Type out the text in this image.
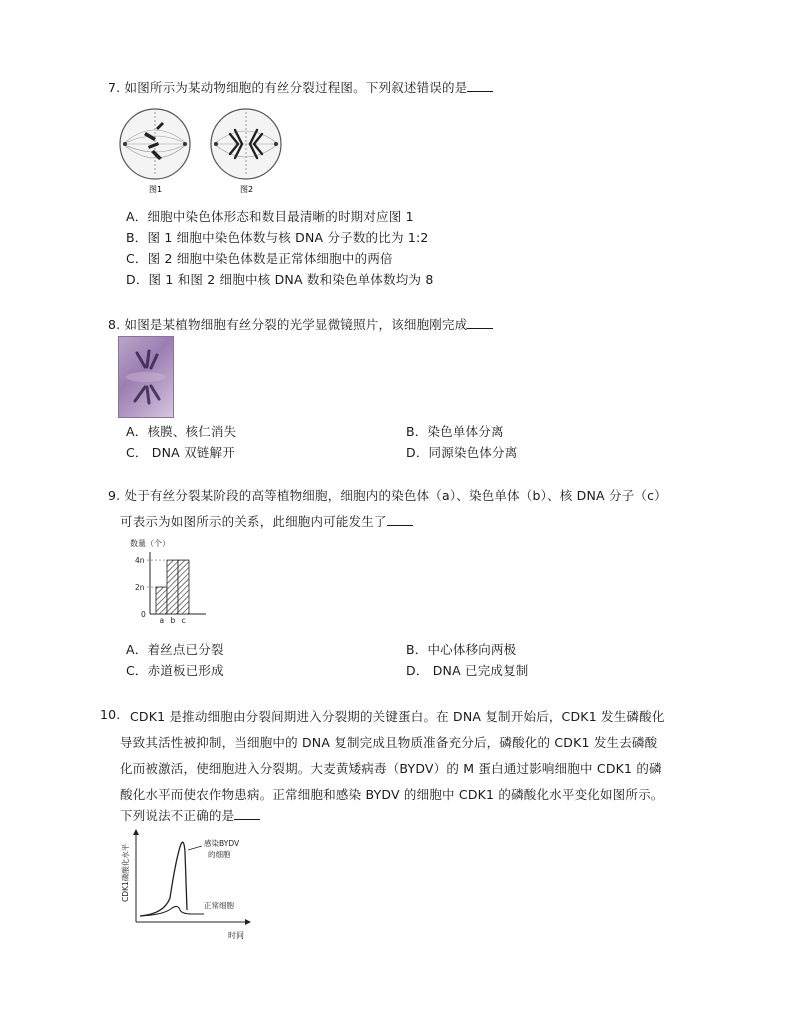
7. 如图所示为某动物细胞的有丝分裂过程图。下列叙述错误的是
图1	图2
A．细胞中染色体形态和数目最清晰的时期对应图 1
B．图 1 细胞中染色体数与核 DNA 分子数的比为 1:2
C．图 2 细胞中染色体数是正常体细胞中的两倍
D．图 1 和图 2 细胞中核 DNA 数和染色单体数均为 8
8. 如图是某植物细胞有丝分裂的光学显微镜照片，该细胞刚完成
A．核膜、核仁消失	B．染色单体分离
C． DNA 双链解开	D．同源染色体分离
9. 处于有丝分裂某阶段的高等植物细胞，细胞内的染色体（a）、染色单体（b）、核 DNA 分子（c）
可表示为如图所示的关系，此细胞内可能发生了
数量（个）
2n
4n
0
a b c
A．着丝点已分裂	B．中心体移向两极
C．赤道板已形成	D． DNA 已完成复制
10. CDK1 是推动细胞由分裂间期进入分裂期的关键蛋白。在 DNA 复制开始后，CDK1 发生磷酸化
导致其活性被抑制，当细胞中的 DNA 复制完成且物质准备充分后，磷酸化的 CDK1 发生去磷酸
化而被激活，使细胞进入分裂期。大麦黄矮病毒（BYDV）的 M 蛋白通过影响细胞中 CDK1 的磷
酸化水平而使农作物患病。正常细胞和感染 BYDV 的细胞中 CDK1 的磷酸化水平变化如图所示。
下列说法不正确的是
CDK1磷酸化水平
时间
感染BYDV
的细胞
正常细胞
